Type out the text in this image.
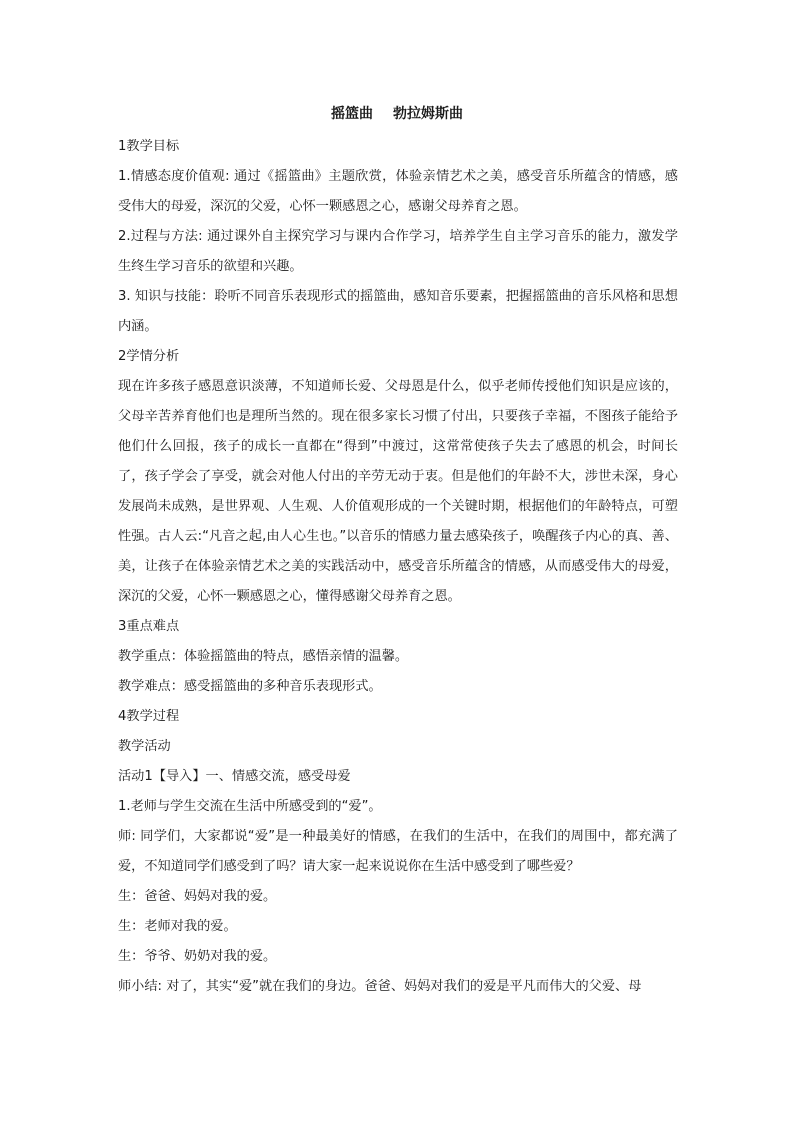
摇篮曲 勃拉姆斯曲

1教学目标

1.情感态度价值观: 通过《摇篮曲》主题欣赏，体验亲情艺术之美，感受音乐所蕴含的情感，感受伟大的母爱，深沉的父爱，心怀一颗感恩之心，感谢父母养育之恩。

2.过程与方法: 通过课外自主探究学习与课内合作学习，培养学生自主学习音乐的能力，激发学生终生学习音乐的欲望和兴趣。

3. 知识与技能：聆听不同音乐表现形式的摇篮曲，感知音乐要素，把握摇篮曲的音乐风格和思想内涵。

2学情分析

现在许多孩子感恩意识淡薄，不知道师长爱、父母恩是什么，似乎老师传授他们知识是应该的，父母辛苦养育他们也是理所当然的。现在很多家长习惯了付出，只要孩子幸福，不图孩子能给予他们什么回报，孩子的成长一直都在“得到”中渡过，这常常使孩子失去了感恩的机会，时间长了，孩子学会了享受，就会对他人付出的辛劳无动于衷。但是他们的年龄不大，涉世未深，身心发展尚未成熟，是世界观、人生观、人价值观形成的一个关键时期，根据他们的年龄特点，可塑性强。古人云:“凡音之起,由人心生也。”以音乐的情感力量去感染孩子，唤醒孩子内心的真、善、美，让孩子在体验亲情艺术之美的实践活动中，感受音乐所蕴含的情感，从而感受伟大的母爱，深沉的父爱，心怀一颗感恩之心，懂得感谢父母养育之恩。

3重点难点

教学重点：体验摇篮曲的特点，感悟亲情的温馨。

教学难点：感受摇篮曲的多种音乐表现形式。

4教学过程

教学活动

活动1【导入】一、情感交流，感受母爱

1.老师与学生交流在生活中所感受到的“爱”。

师: 同学们，大家都说“爱”是一种最美好的情感，在我们的生活中，在我们的周围中，都充满了爱，不知道同学们感受到了吗？请大家一起来说说你在生活中感受到了哪些爱？

生：爸爸、妈妈对我的爱。

生：老师对我的爱。

生：爷爷、奶奶对我的爱。

师小结: 对了，其实“爱”就在我们的身边。爸爸、妈妈对我们的爱是平凡而伟大的父爱、母
